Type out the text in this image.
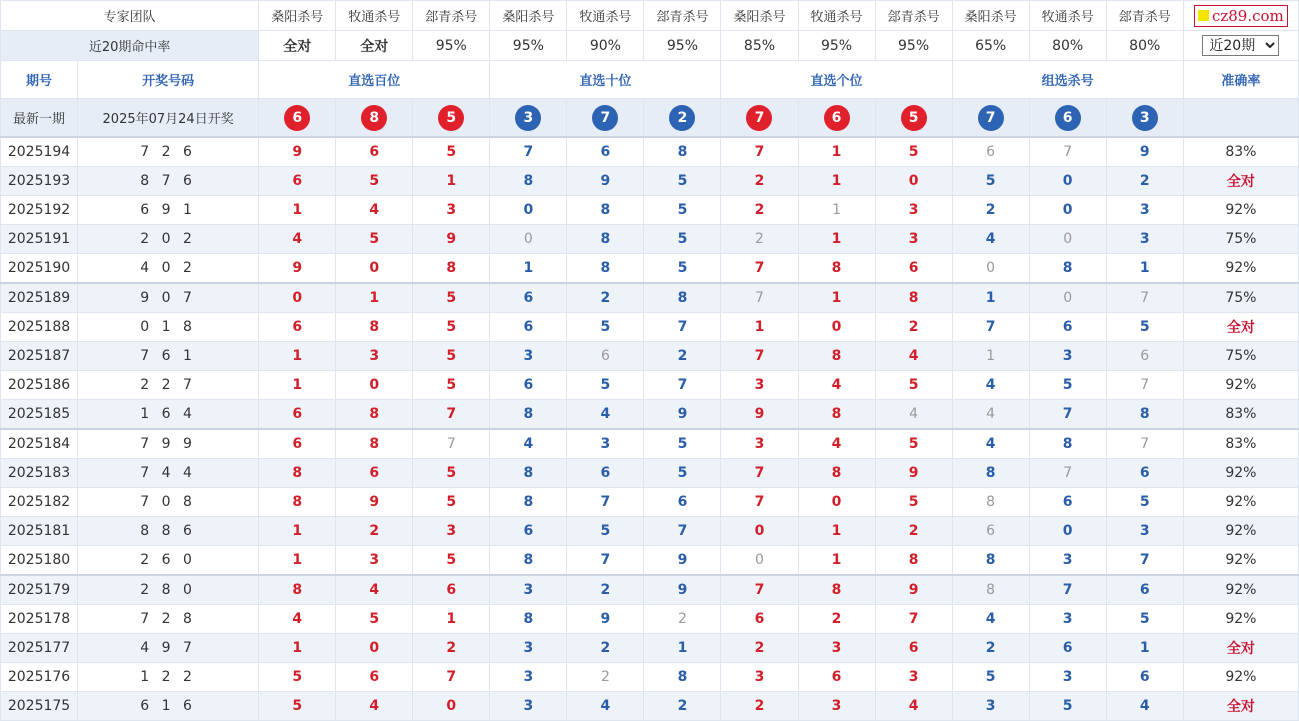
专家团队		桑阳杀号	牧通杀号	郐青杀号	桑阳杀号	牧通杀号	郐青杀号	桑阳杀号	牧通杀号	郐青杀号	桑阳杀号	牧通杀号	郐青杀号	cz89.com

近20期命中率		全对	全对	95%	95%	90%	95%	85%	95%	95%	65%	80%	80%	
近20期
期号	开奖号码	直选百位			直选十位			直选个位			组选杀号			准确率
最新一期	2025年07月24日开奖	6	8	5	3	7	2	7	6	5	7	6	3	
2025194	7 2 6	9	6	5	7	6	8	7	1	5	6	7	9	83%
2025193	8 7 6	6	5	1	8	9	5	2	1	0	5	0	2	全对
2025192	6 9 1	1	4	3	0	8	5	2	1	3	2	0	3	92%
2025191	2 0 2	4	5	9	0	8	5	2	1	3	4	0	3	75%
2025190	4 0 2	9	0	8	1	8	5	7	8	6	0	8	1	92%
2025189	9 0 7	0	1	5	6	2	8	7	1	8	1	0	7	75%
2025188	0 1 8	6	8	5	6	5	7	1	0	2	7	6	5	全对
2025187	7 6 1	1	3	5	3	6	2	7	8	4	1	3	6	75%
2025186	2 2 7	1	0	5	6	5	7	3	4	5	4	5	7	92%
2025185	1 6 4	6	8	7	8	4	9	9	8	4	4	7	8	83%
2025184	7 9 9	6	8	7	4	3	5	3	4	5	4	8	7	83%
2025183	7 4 4	8	6	5	8	6	5	7	8	9	8	7	6	92%
2025182	7 0 8	8	9	5	8	7	6	7	0	5	8	6	5	92%
2025181	8 8 6	1	2	3	6	5	7	0	1	2	6	0	3	92%
2025180	2 6 0	1	3	5	8	7	9	0	1	8	8	3	7	92%
2025179	2 8 0	8	4	6	3	2	9	7	8	9	8	7	6	92%
2025178	7 2 8	4	5	1	8	9	2	6	2	7	4	3	5	92%
2025177	4 9 7	1	0	2	3	2	1	2	3	6	2	6	1	全对
2025176	1 2 2	5	6	7	3	2	8	3	6	3	5	3	6	92%
2025175	6 1 6	5	4	0	3	4	2	2	3	4	3	5	4	全对
